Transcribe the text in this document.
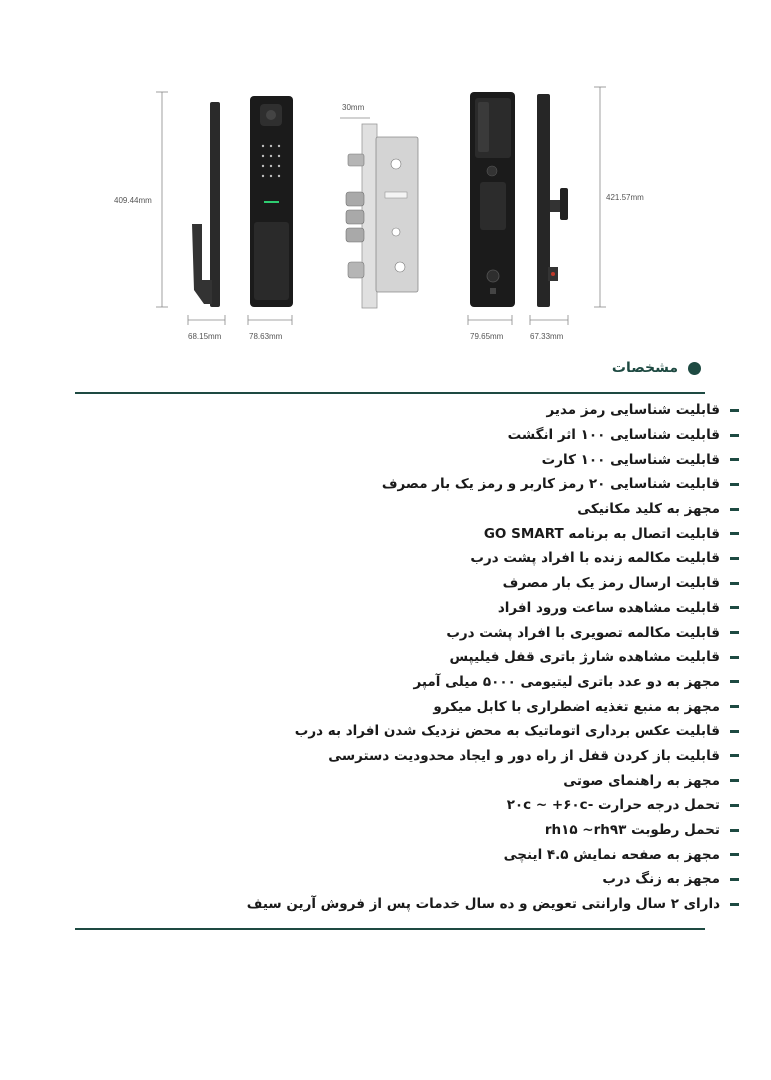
409.44mm
68.15mm	78.63mm
30mm
421.57mm
79.65mm	67.33mm
مشخصات
قابلیت شناسایی رمز مدیر
قابلیت شناسایی ۱۰۰ اثر انگشت
قابلیت شناسایی ۱۰۰ کارت
قابلیت شناسایی ۲۰ رمز کاربر و رمز یک بار مصرف
مجهز به کلید مکانیکی
قابلیت اتصال به برنامه GO SMART
قابلیت مکالمه زنده با افراد پشت درب
قابلیت ارسال رمز یک بار مصرف
قابلیت مشاهده ساعت ورود افراد
قابلیت مکالمه تصویری با افراد پشت درب
قابلیت مشاهده شارژ باتری قفل فیلیپس
مجهز به دو عدد باتری لیتیومی ۵۰۰۰ میلی آمپر
مجهز به منبع تغذیه اضطراری با کابل میکرو
قابلیت عکس برداری اتوماتیک به محض نزدیک شدن افراد به درب
قابلیت باز کردن قفل از راه دور و ایجاد محدودیت دسترسی
مجهز به راهنمای صوتی
تحمل درجه حرارت -۲۰c ~ +۶۰c
تحمل رطوبت rh۱۵ ~rh۹۳
مجهز به صفحه نمایش ۴.۵ اینچی
مجهز به زنگ درب
دارای ۲ سال وارانتی تعویض و ده سال خدمات پس از فروش آرین سیف
